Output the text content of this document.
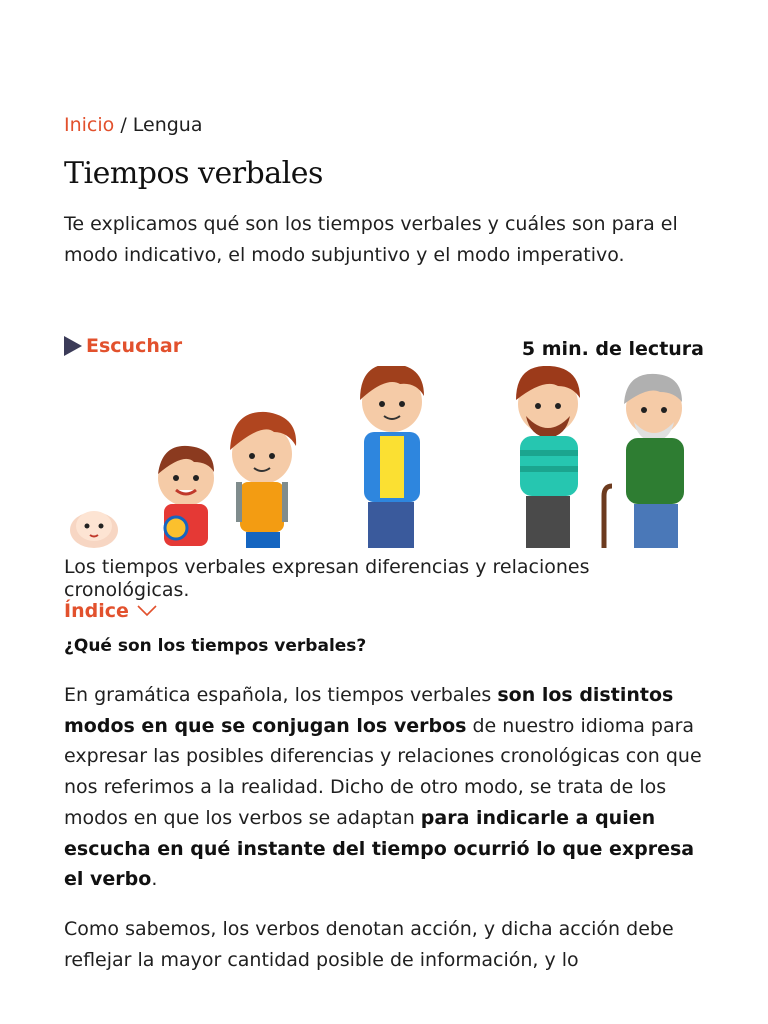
Inicio / Lengua
Tiempos verbales

Te explicamos qué son los tiempos verbales y cuáles son para el modo indicativo, el modo subjuntivo y el modo imperativo.

Escuchar	5 min. de lectura

Los tiempos verbales expresan diferencias y relaciones cronológicas.

Índice
¿Qué son los tiempos verbales?

En gramática española, los tiempos verbales son los distintos modos en que se conjugan los verbos de nuestro idioma para expresar las posibles diferencias y relaciones cronológicas con que nos referimos a la realidad. Dicho de otro modo, se trata de los modos en que los verbos se adaptan para indicarle a quien escucha en qué instante del tiempo ocurrió lo que expresa el verbo.

Como sabemos, los verbos denotan acción, y dicha acción debe reflejar la mayor cantidad posible de información, y lo
